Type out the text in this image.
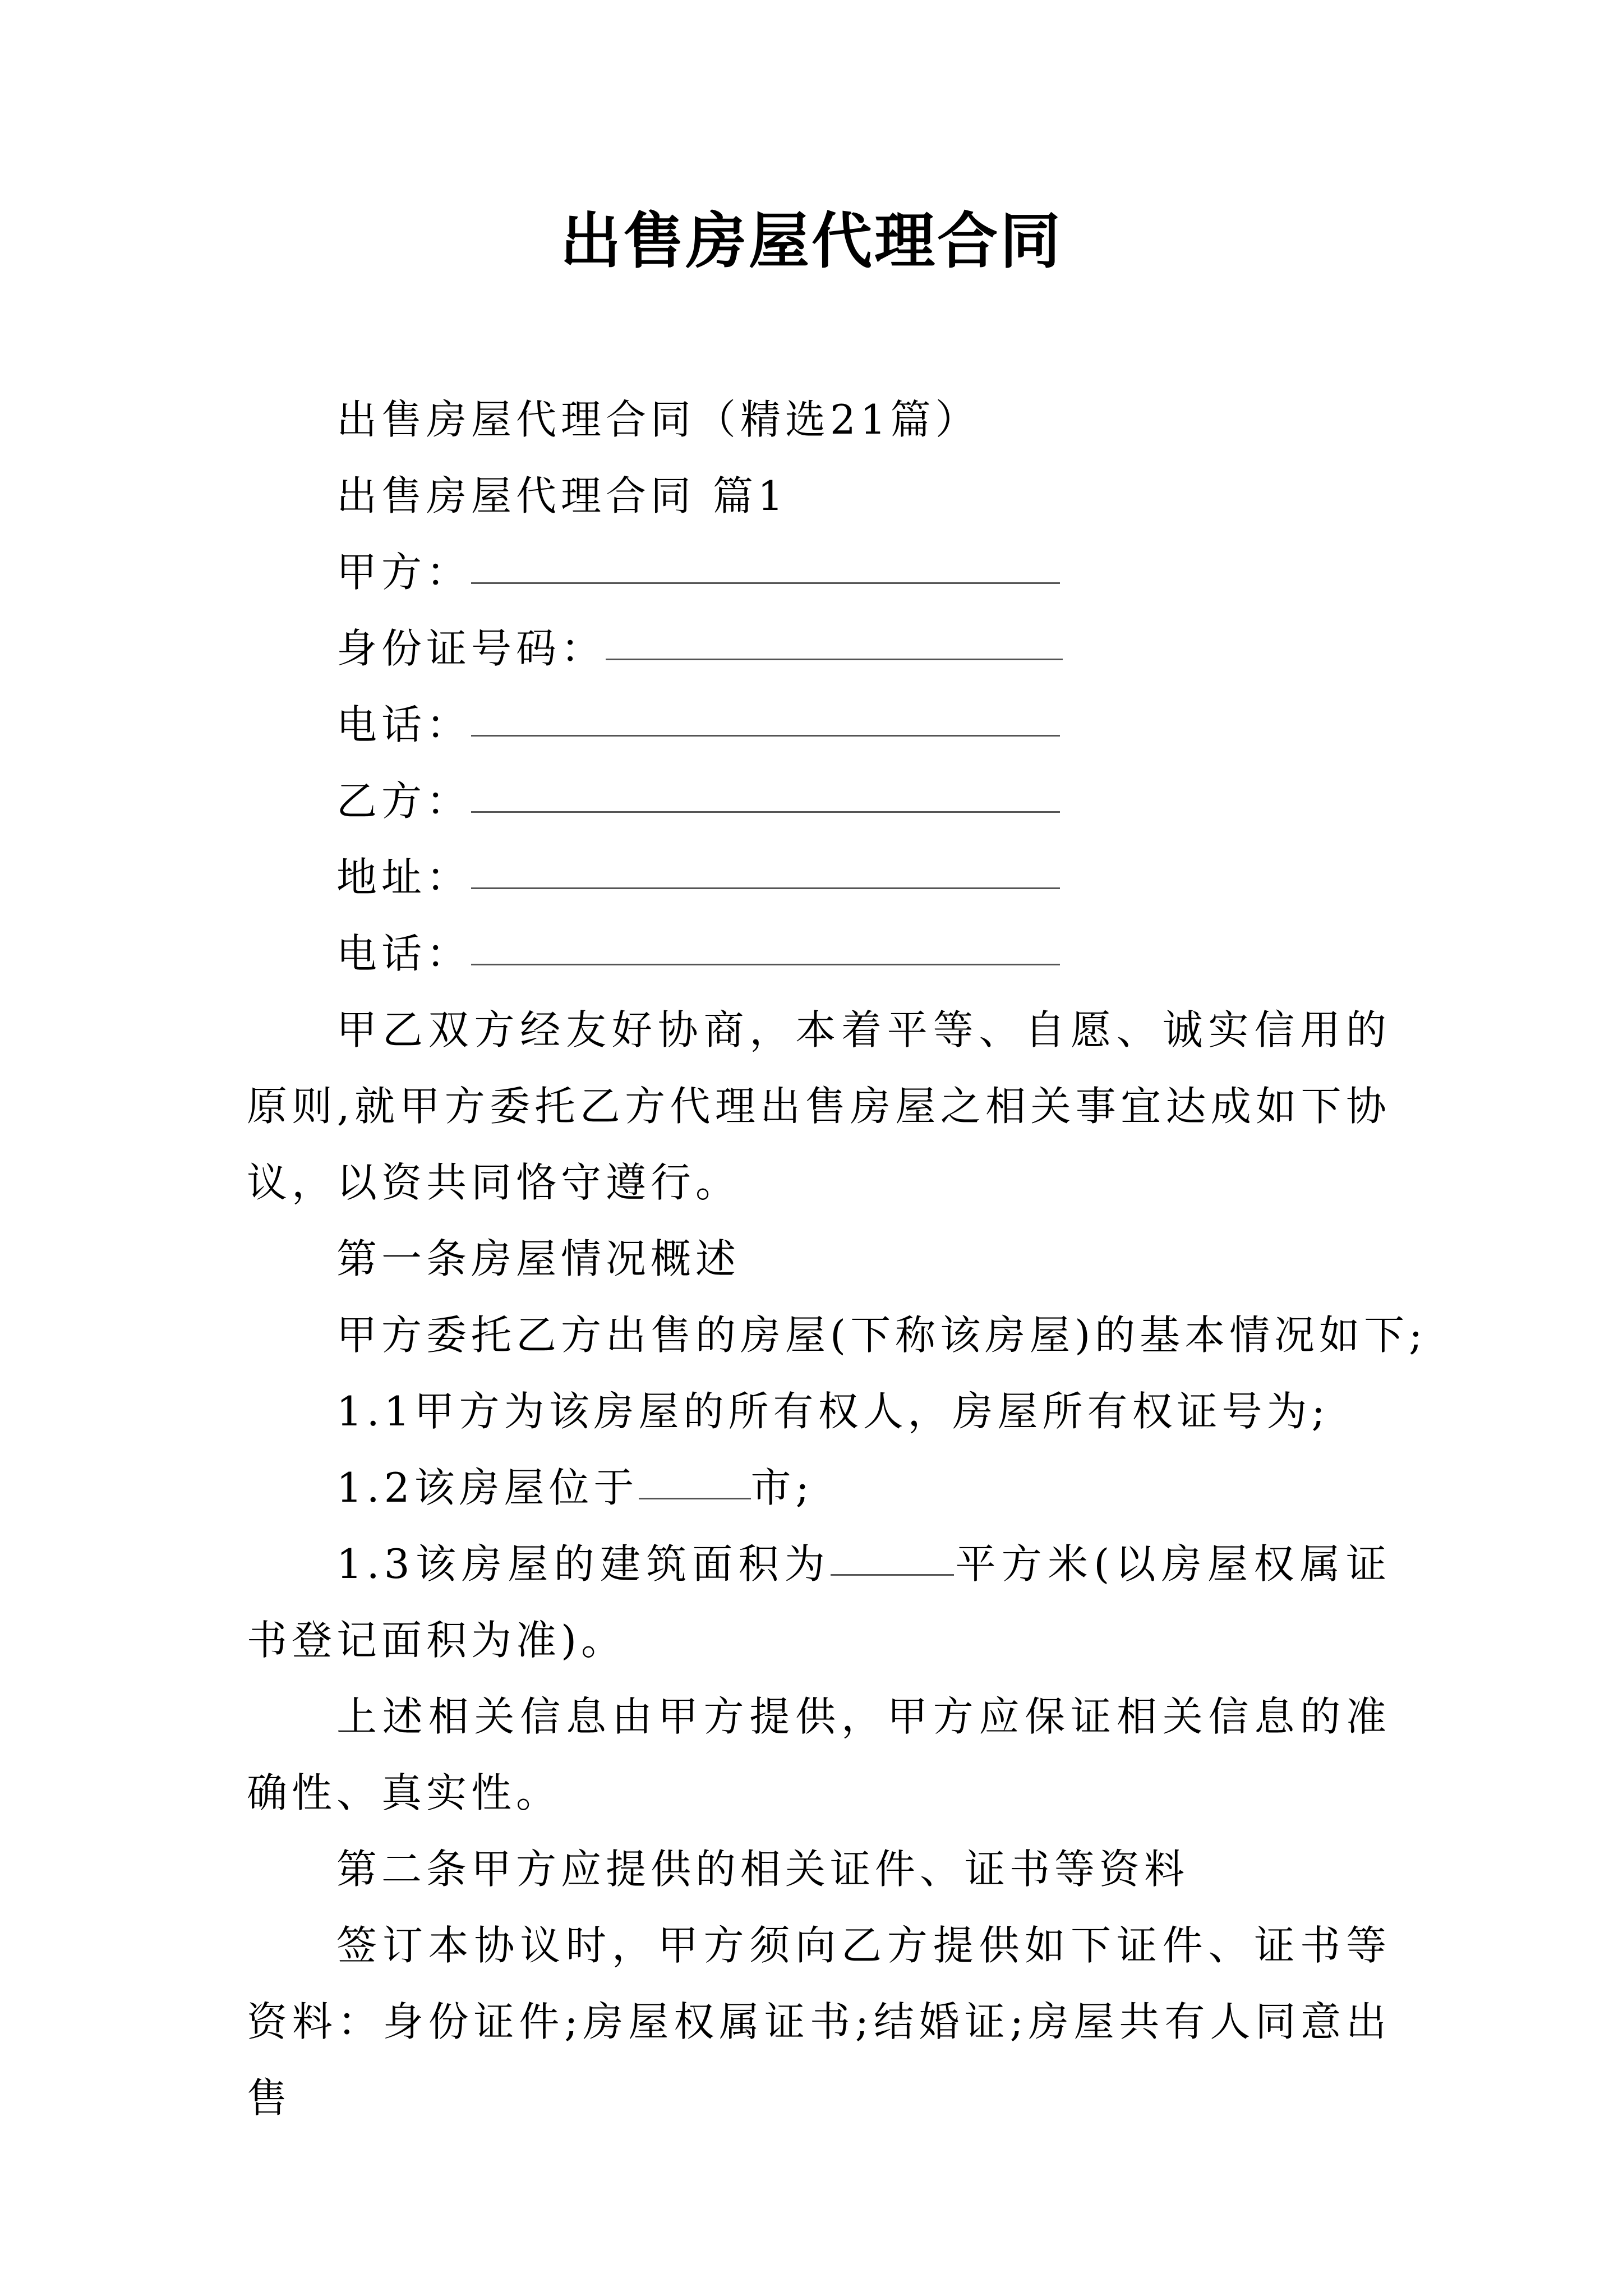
出售房屋代理合同

出售房屋代理合同（精选21篇）

出售房屋代理合同 篇1

甲方：

身份证号码：

电话：

乙方：

地址：

电话：

甲乙双方经友好协商，本着平等、自愿、诚实信用的原则,就甲方委托乙方代理出售房屋之相关事宜达成如下协议，以资共同恪守遵行。

第一条房屋情况概述

甲方委托乙方出售的房屋(下称该房屋)的基本情况如下;

1.1甲方为该房屋的所有权人，房屋所有权证号为;

1.2该房屋位于	市;

1.3该房屋的建筑面积为	平方米(以房屋权属证书登记面积为准)。

上述相关信息由甲方提供，甲方应保证相关信息的准确性、真实性。

第二条甲方应提供的相关证件、证书等资料

签订本协议时，甲方须向乙方提供如下证件、证书等资料：身份证件;房屋权属证书;结婚证;房屋共有人同意出售
